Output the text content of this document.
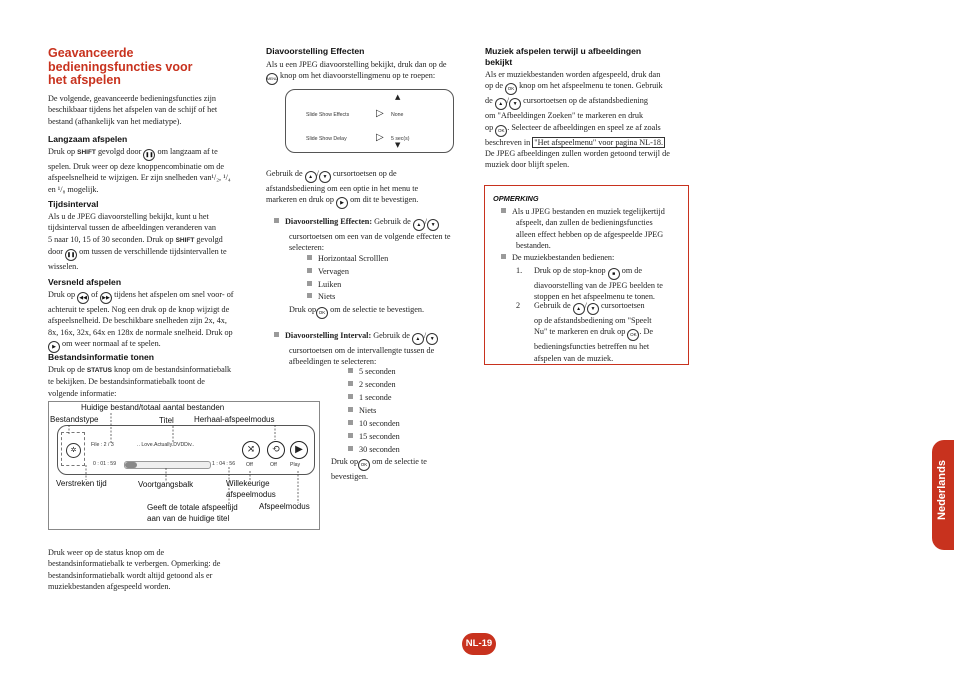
Geavanceerde
bedieningsfuncties voor
het afspelen
De volgende, geavanceerde bedieningsfuncties zijn
beschikbaar tijdens het afspelen van de schijf of het
bestand (afhankelijk van het mediatype).
Langzaam afspelen
Druk op SHIFT gevolgd door ❚❚ om langzaam af te
spelen. Druk weer op deze knoppencombinatie om de
afspeelsnelheid te wijzigen. Er zijn snelheden van¹/₂, ¹/₄
en ¹/₈ mogelijk.
Tijdsinterval
Als u de JPEG diavoorstelling bekijkt, kunt u het
tijdsinterval tussen de afbeeldingen veranderen van
5 naar 10, 15 of 30 seconden. Druk op SHIFT gevolgd
door ❚❚ om tussen de verschillende tijdsintervallen te
wisselen.
Versneld afspelen
Druk op ◀◀ of ▶▶ tijdens het afspelen om snel voor- of
achteruit te spelen. Nog een druk op de knop wijzigt de
afspeelsnelheid. De beschikbare snelheden zijn 2x, 4x,
8x, 16x, 32x, 64x en 128x de normale snelheid. Druk op
▶ om weer normaal af te spelen.
Bestandsinformatie tonen
Druk op de STATUS knop om de bestandsinformatiebalk
te bekijken. De bestandsinformatiebalk toont de
volgende informatie:
✲
File : 2 / 3	.. Love.Actually.DVDDiv..
0 : 01 : 59	1 : 04 : 56
⤨	⟲	▶
Off	Off	Play
Huidige bestand/totaal aantal bestanden
Bestandstype	Titel	Herhaal-afspeelmodus
Verstreken tijd	Voortgangsbalk	Willekeurige
afspeelmodus
Geeft de totale afspeeltijd
aan van de huidige titel
Afspeelmodus
Druk weer op de status knop om de
bestandsinformatiebalk te verbergen. Opmerking: de
bestandsinformatiebalk wordt altijd getoond als er
muziekbestanden afgespeeld worden.
Diavoorstelling Effecten
Als u een JPEG diavoorstelling bekijkt, druk dan op de
MENU knop om het diavoorstellingmenu op te roepen:
▲
▼
Slide Show Effects	▷ None
Slide Show Delay	▷ 5 sec(s)
Gebruik de ▲ / ▼ cursortoetsen op de
afstandsbediening om een optie in het menu te
markeren en druk op ▶ om dit te bevestigen.
Diavoorstelling Effecten: Gebruik de ▲ / ▼
cursortoetsen om een van de volgende effecten te
selecteren:
Horizontaal Scrolllen
Vervagen
Luiken
Niets
Druk op OK om de selectie te bevestigen.
Diavoorstelling Interval: Gebruik de ▲ / ▼
cursortoetsen om de intervallengte tussen de
afbeeldingen te selecteren:
5 seconden
2 seconden
1 seconde
Niets
10 seconden
15 seconden
30 seconden
Druk op OK om de selectie te
bevestigen.
Muziek afspelen terwijl u afbeeldingen
bekijkt
Als er muziekbestanden worden afgespeeld, druk dan
op de OK knop om het afspeelmenu te tonen. Gebruik
de ▲ / ▼ cursortoetsen op de afstandsbediening
om "Afbeeldingen Zoeken" te markeren en druk
op OK . Selecteer de afbeeldingen en speel ze af zoals
beschreven in "Het afspeelmenu" voor pagina NL-18.
De JPEG afbeeldingen zullen worden getoond terwijl de
muziek door blijft spelen.
OPMERKING
Als u JPEG bestanden en muziek tegelijkertijd
afspeelt, dan zullen de bedieningsfuncties
alleen effect hebben op de afgespeelde JPEG
bestanden.
De muziekbestanden bedienen:
1. Druk op de stop-knop ■ om de
diavoorstelling van de JPEG beelden te
stoppen en het afspeelmenu te tonen.
2 Gebruik de ▲ / ▼ cursortoetsen
op de afstandsbediening om "Speelt
Nu" te markeren en druk op OK . De
bedieningsfuncties betreffen nu het
afspelen van de muziek.
Nederlands
NL-19
